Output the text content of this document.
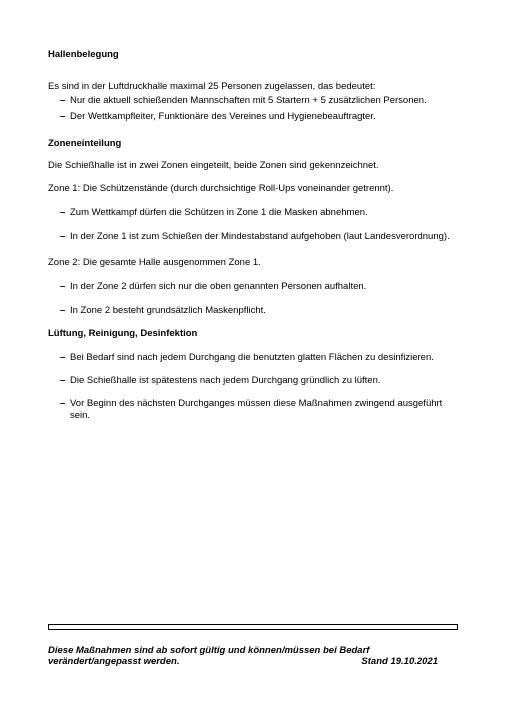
Hallenbelegung

Es sind in der Luftdruckhalle maximal 25 Personen zugelassen, das bedeutet:

– Nur die aktuell schießenden Mannschaften mit 5 Startern + 5 zusätzlichen Personen.
– Der Wettkampfleiter, Funktionäre des Vereines und Hygienebeauftragter.
Zoneneinteilung

Die Schießhalle ist in zwei Zonen eingeteilt, beide Zonen sind gekennzeichnet.

Zone 1: Die Schützenstände (durch durchsichtige Roll-Ups voneinander getrennt).

– Zum Wettkampf dürfen die Schützen in Zone 1 die Masken abnehmen.
– In der Zone 1 ist zum Schießen der Mindestabstand aufgehoben (laut Landesverordnung).

Zone 2: Die gesamte Halle ausgenommen Zone 1.

– In der Zone 2 dürfen sich nur die oben genannten Personen aufhalten.
– In Zone 2 besteht grundsätzlich Maskenpflicht.
Lüftung, Reinigung, Desinfektion
– Bei Bedarf sind nach jedem Durchgang die benutzten glatten Flächen zu desinfizieren.
– Die Schießhalle ist spätestens nach jedem Durchgang gründlich zu lüften.
– Vor Beginn des nächsten Durchganges müssen diese Maßnahmen zwingend ausgeführt sein.
Diese Maßnahmen sind ab sofort gültig und können/müssen bei Bedarf
verändert/angepasst werden.	Stand 19.10.2021
